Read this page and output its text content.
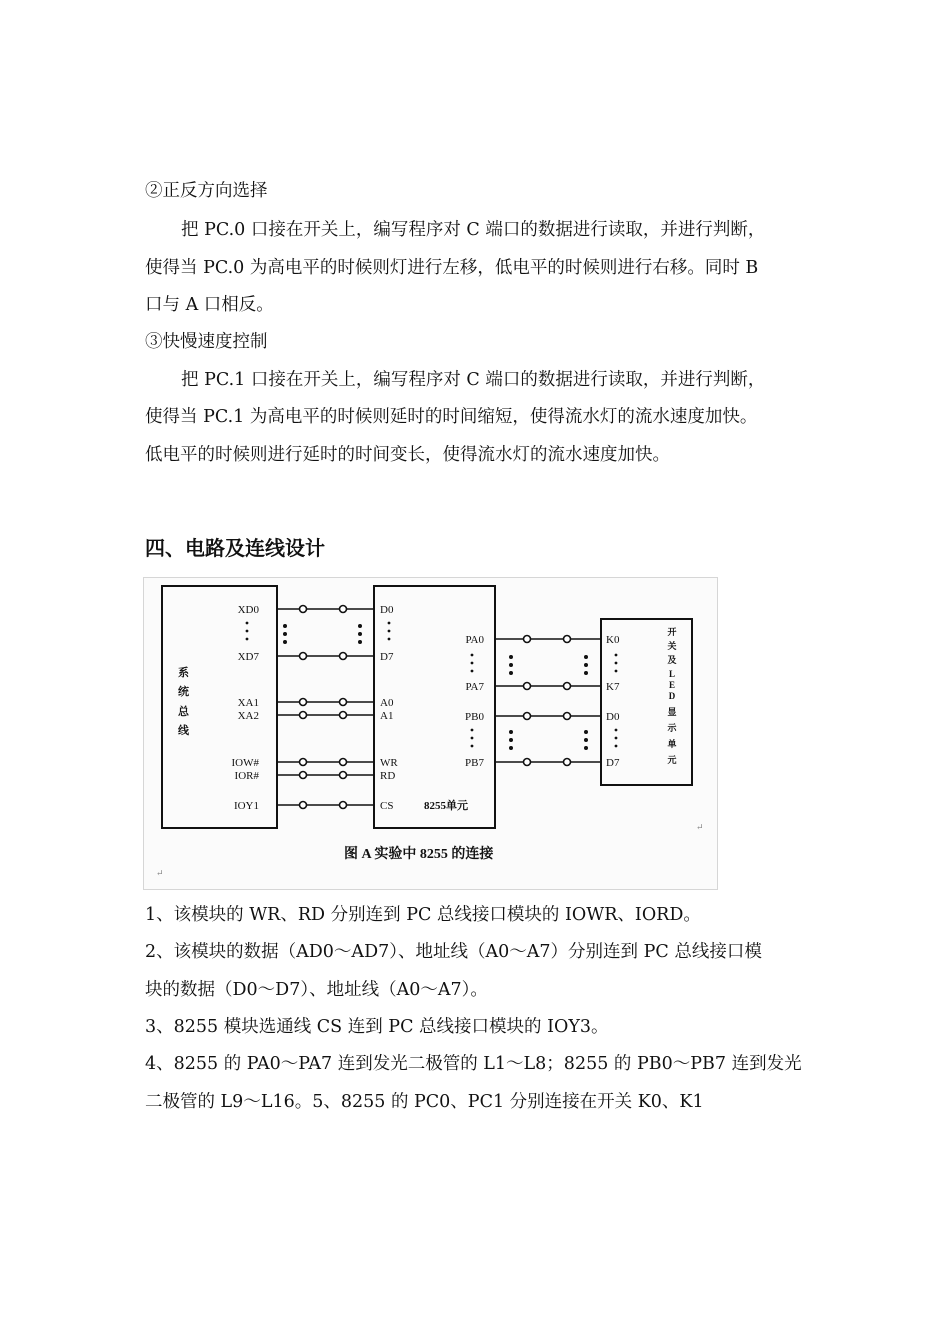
②正反方向选择
把 PC.0 口接在开关上，编写程序对 C 端口的数据进行读取，并进行判断，
使得当 PC.0 为高电平的时候则灯进行左移，低电平的时候则进行右移。同时 B
口与 A 口相反。
③快慢速度控制
把 PC.1 口接在开关上，编写程序对 C 端口的数据进行读取，并进行判断，
使得当 PC.1 为高电平的时候则延时的时间缩短，使得流水灯的流水速度加快。
低电平的时候则进行延时的时间变长，使得流水灯的流水速度加快。
四、电路及连线设计
系
统
总
线
XD0
XD7
XA1
XA2
IOW#
IOR#
IOY1
D0
D7
A0
A1
WR
RD
CS	8255单元
PA0
PA7
PB0
PB7
K0
K7
D0
D7
开
关
及
L
E
D
显
示
单
元
↵
↵
图 A 实验中 8255 的连接
1、该模块的 WR、RD 分别连到 PC 总线接口模块的 IOWR、IORD。
2、该模块的数据（AD0～AD7）、地址线（A0～A7）分别连到 PC 总线接口模
块的数据（D0～D7）、地址线（A0～A7）。
3、8255 模块选通线 CS 连到 PC 总线接口模块的 IOY3。
4、8255 的 PA0～PA7 连到发光二极管的 L1～L8；8255 的 PB0～PB7 连到发光
二极管的 L9～L16。5、8255 的 PC0、PC1 分别连接在开关 K0、K1
